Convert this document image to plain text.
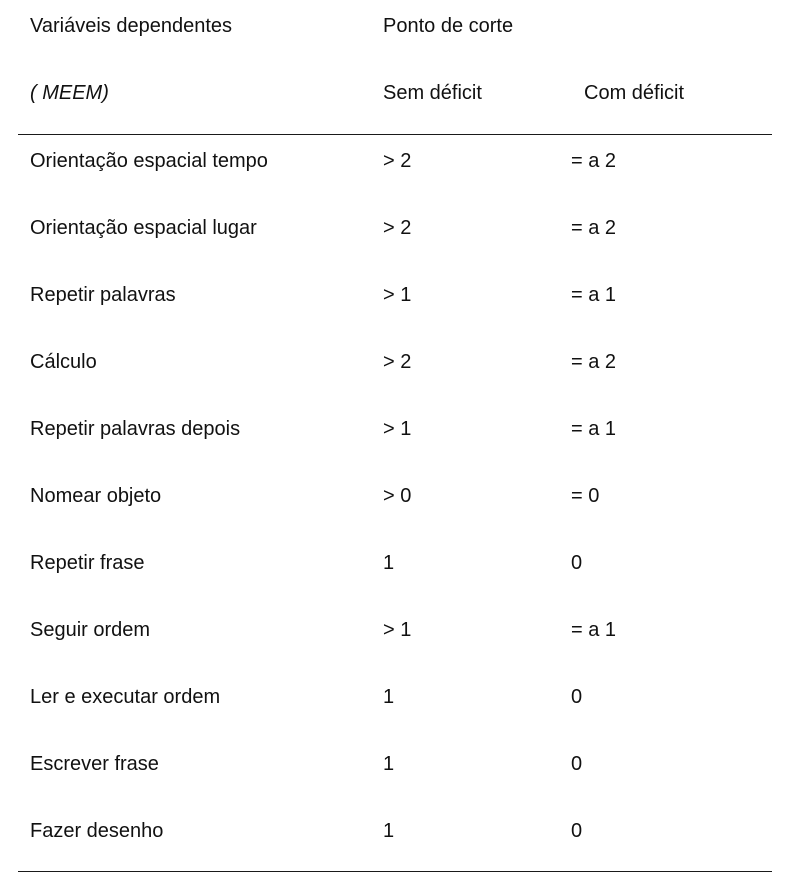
Variáveis dependentes	Ponto de corte
( MEEM)	Sem déficit	Com déficit
Orientação espacial tempo	> 2	= a 2
Orientação espacial lugar	> 2	= a 2
Repetir palavras	> 1	= a 1
Cálculo	> 2	= a 2
Repetir palavras depois	> 1	= a 1
Nomear objeto	> 0	= 0
Repetir frase	1	0
Seguir ordem	> 1	= a 1
Ler e executar ordem	1	0
Escrever frase	1	0
Fazer desenho	1	0
